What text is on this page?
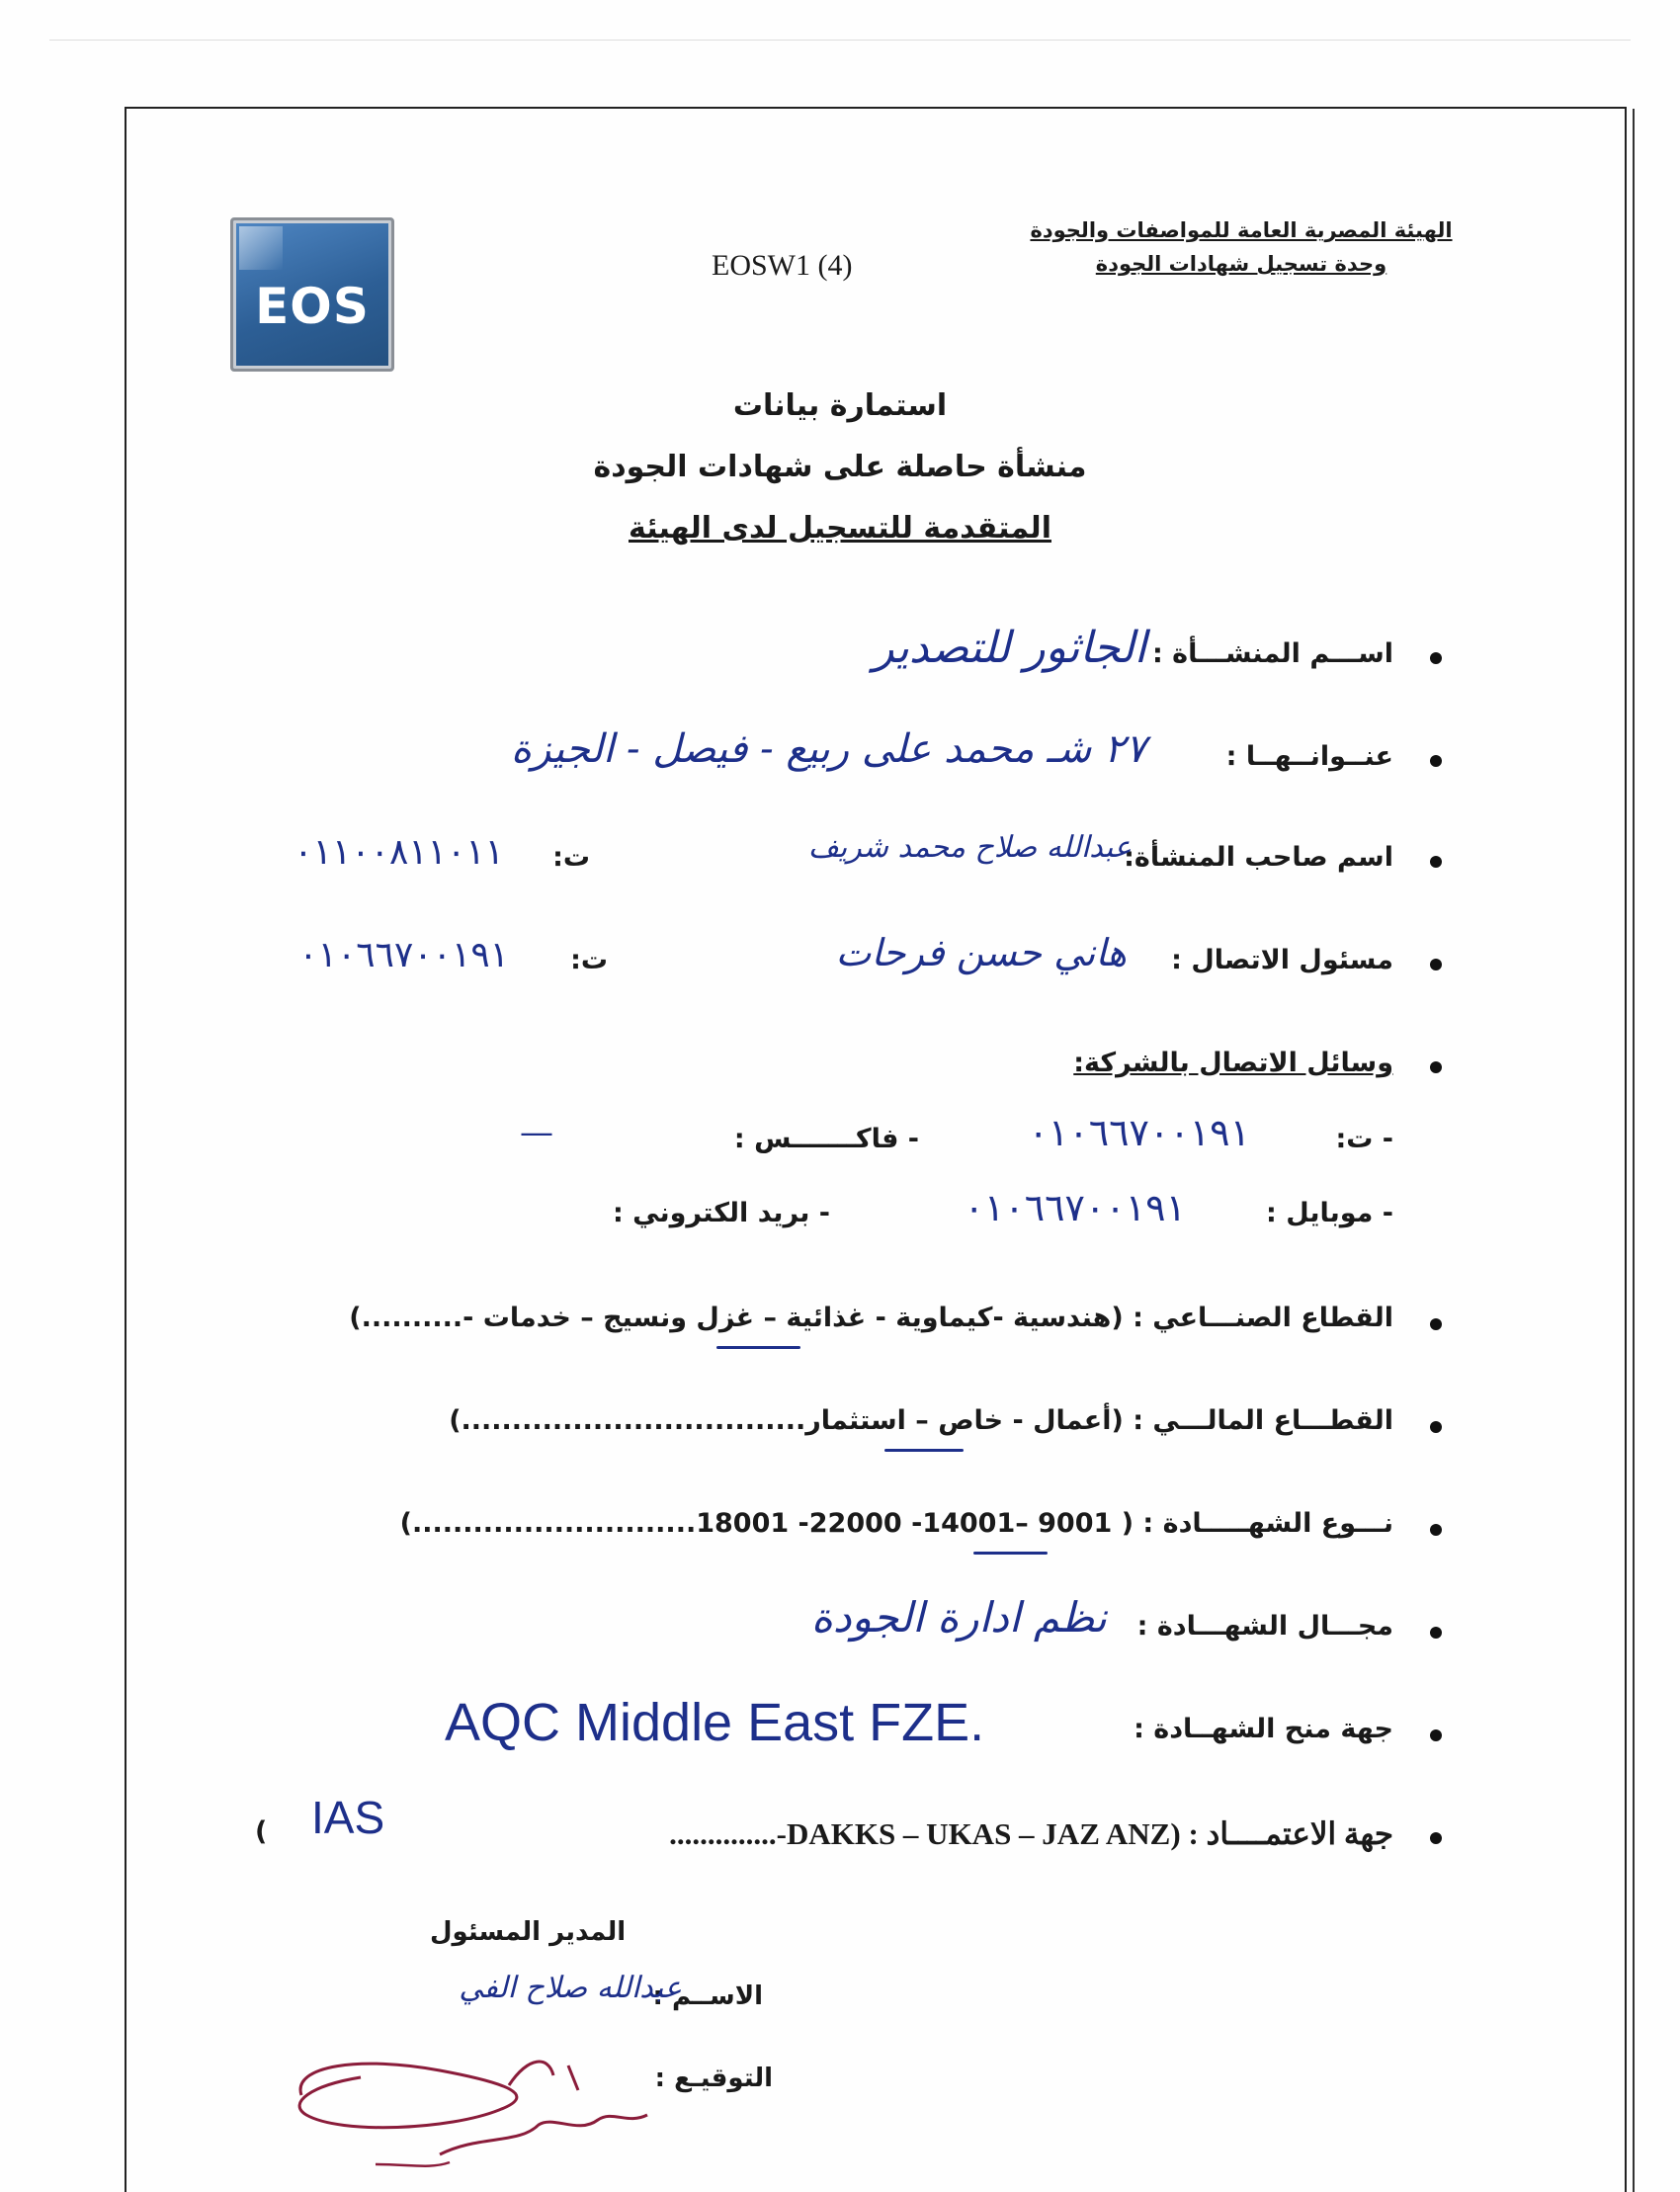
EOS
EOSW1 (4)
الهيئة المصرية العامة للمواصفات والجودة
وحدة تسجيل شهادات الجودة
استمارة بيانات
منشأة حاصلة على شهادات الجودة
المتقدمة للتسجيل لدى الهيئة
اســـم المنشـــأة :
الجاثور للتصدير
عنــوانــهــا :
٢٧ شـ محمد على ربيع - فيصل - الجيزة
اسم صاحب المنشأة:
عبدالله صلاح محمد شريف
ت:
٠١١٠٠٨١١٠١١
مسئول الاتصال :
هاني حسن فرحات
ت:
٠١٠٦٦٧٠٠١٩١
وسائل الاتصال بالشركة:
- ت:
٠١٠٦٦٧٠٠١٩١
- فاكـــــــس :
—
- موبايل :
٠١٠٦٦٧٠٠١٩١
- بريد الكتروني :
القطاع الصنـــاعي : (هندسية -كيماوية - غذائية – غزل ونسيج – خدمات -..........)
القطـــاع المالـــي : (أعمال - خاص – استثمار..................................)
نـــوع الشهـــــادة : ( 9001 –14001- 22000- 18001............................)
مجـــال الشهـــادة :
نظم ادارة الجودة
جهة منح الشهــادة :
AQC Middle East FZE.
جهة الاعتمــــاد : (DAKKS – UKAS – JAZ ANZ-..............
) IAS
المدير المسئول
الاســم :
عبدالله صلاح الفي
التوقيـع :
